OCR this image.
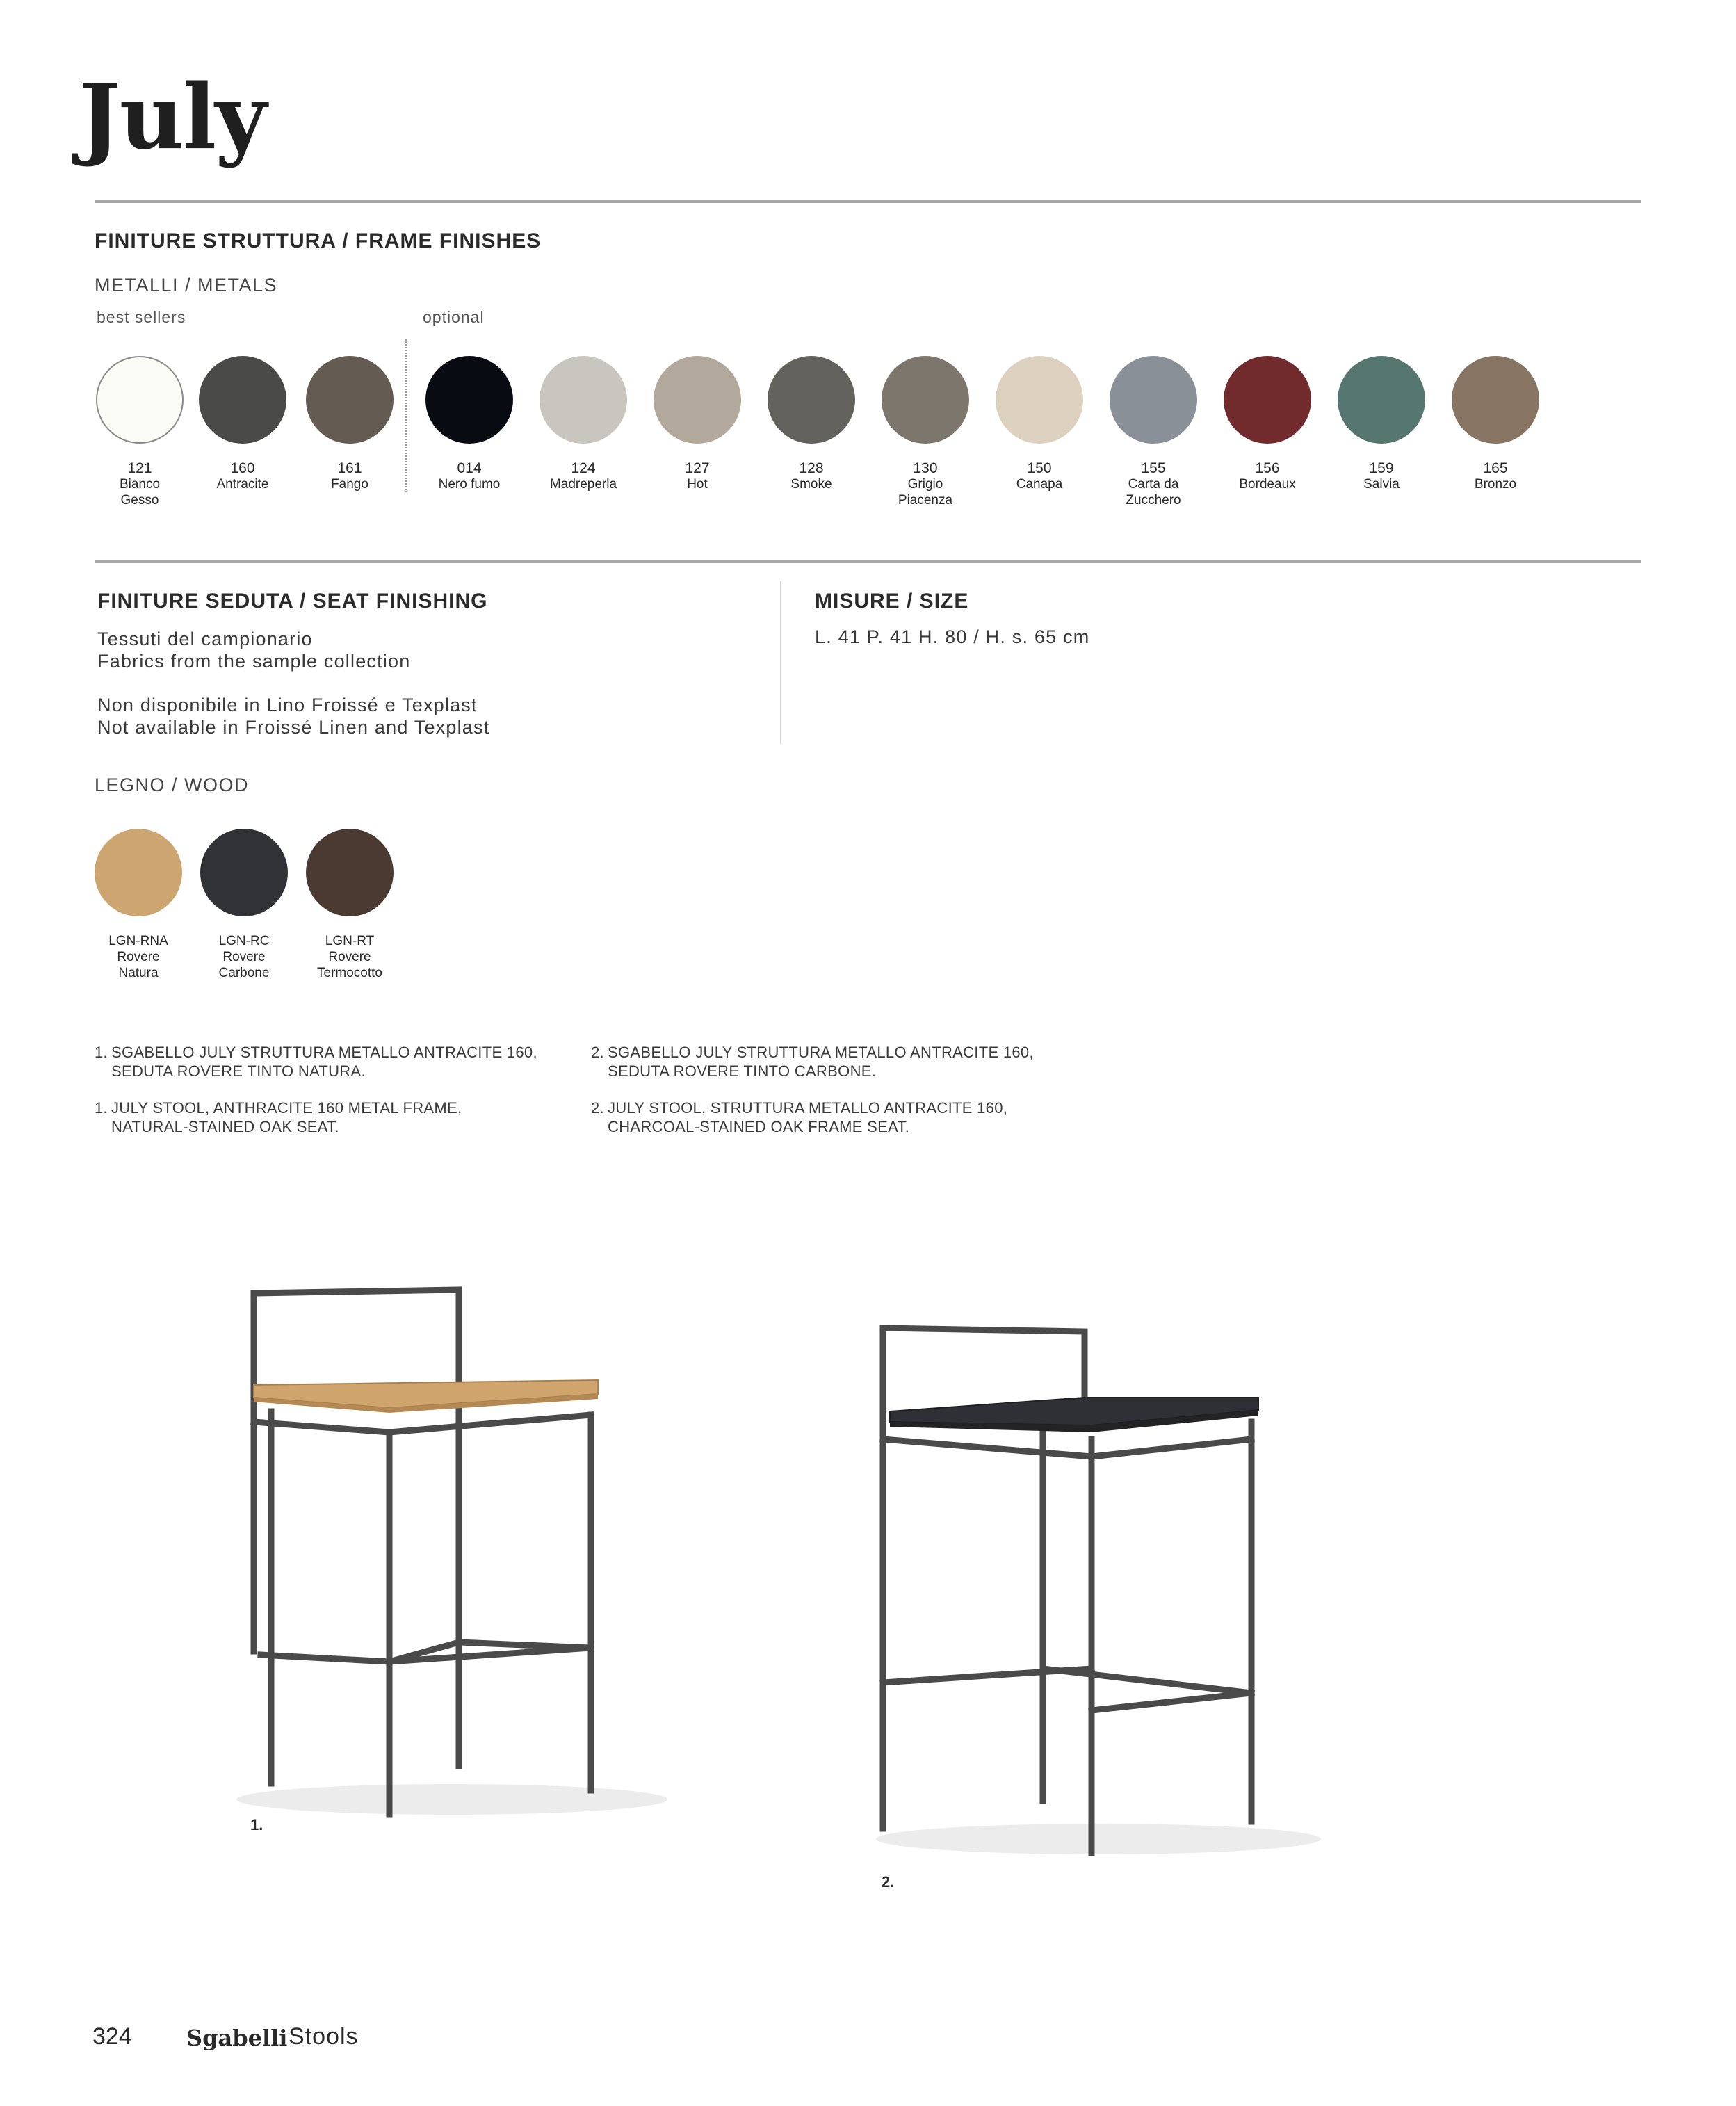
July
FINITURE STRUTTURA / FRAME FINISHES
METALLI / METALS
best sellers	optional
121
Bianco
Gesso
160
Antracite
161
Fango
014
Nero fumo
124
Madreperla
127
Hot
128
Smoke
130
Grigio
Piacenza
150
Canapa
155
Carta da
Zucchero
156
Bordeaux
159
Salvia
165
Bronzo
FINITURE SEDUTA / SEAT FINISHING
Tessuti del campionario
Fabrics from the sample collection
Non disponibile in Lino Froissé e Texplast
Not available in Froissé Linen and Texplast
MISURE / SIZE
L. 41 P. 41 H. 80 / H. s. 65 cm
LEGNO / WOOD
LGN-RNA
Rovere
Natura
LGN-RC
Rovere
Carbone
LGN-RT
Rovere
Termocotto
1. SGABELLO JULY STRUTTURA METALLO ANTRACITE 160, SEDUTA ROVERE TINTO NATURA.
2. SGABELLO JULY STRUTTURA METALLO ANTRACITE 160, SEDUTA ROVERE TINTO CARBONE.
1. JULY STOOL, ANTHRACITE 160 METAL FRAME, NATURAL-STAINED OAK SEAT.
2. JULY STOOL, STRUTTURA METALLO ANTRACITE 160, CHARCOAL-STAINED OAK FRAME SEAT.
1.
2.
324 Sgabelli Stools
